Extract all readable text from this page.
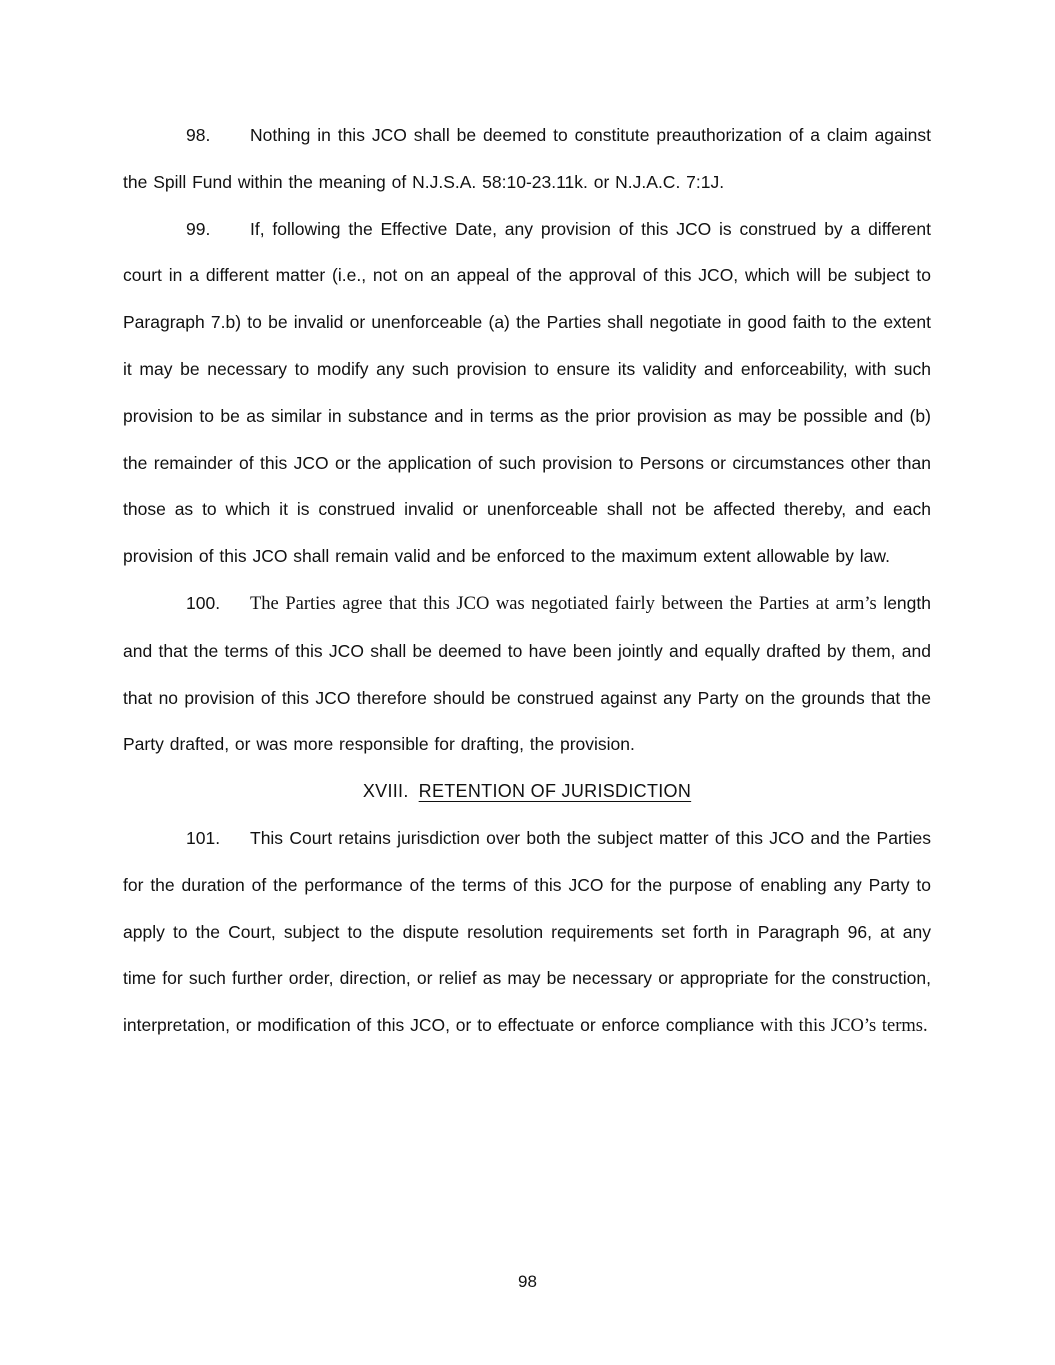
98. Nothing in this JCO shall be deemed to constitute preauthorization of a claim against the Spill Fund within the meaning of N.J.S.A. 58:10-23.11k. or N.J.A.C. 7:1J.

99. If, following the Effective Date, any provision of this JCO is construed by a different court in a different matter (i.e., not on an appeal of the approval of this JCO, which will be subject to Paragraph 7.b) to be invalid or unenforceable (a) the Parties shall negotiate in good faith to the extent it may be necessary to modify any such provision to ensure its validity and enforceability, with such provision to be as similar in substance and in terms as the prior provision as may be possible and (b) the remainder of this JCO or the application of such provision to Persons or circumstances other than those as to which it is construed invalid or unenforceable shall not be affected thereby, and each provision of this JCO shall remain valid and be enforced to the maximum extent allowable by law.

100. The Parties agree that this JCO was negotiated fairly between the Parties at arm’s length and that the terms of this JCO shall be deemed to have been jointly and equally drafted by them, and that no provision of this JCO therefore should be construed against any Party on the grounds that the Party drafted, or was more responsible for drafting, the provision.

XVIII. RETENTION OF JURISDICTION

101. This Court retains jurisdiction over both the subject matter of this JCO and the Parties for the duration of the performance of the terms of this JCO for the purpose of enabling any Party to apply to the Court, subject to the dispute resolution requirements set forth in Paragraph 96, at any time for such further order, direction, or relief as may be necessary or appropriate for the construction, interpretation, or modification of this JCO, or to effectuate or enforce compliance with this JCO’s terms.

98
